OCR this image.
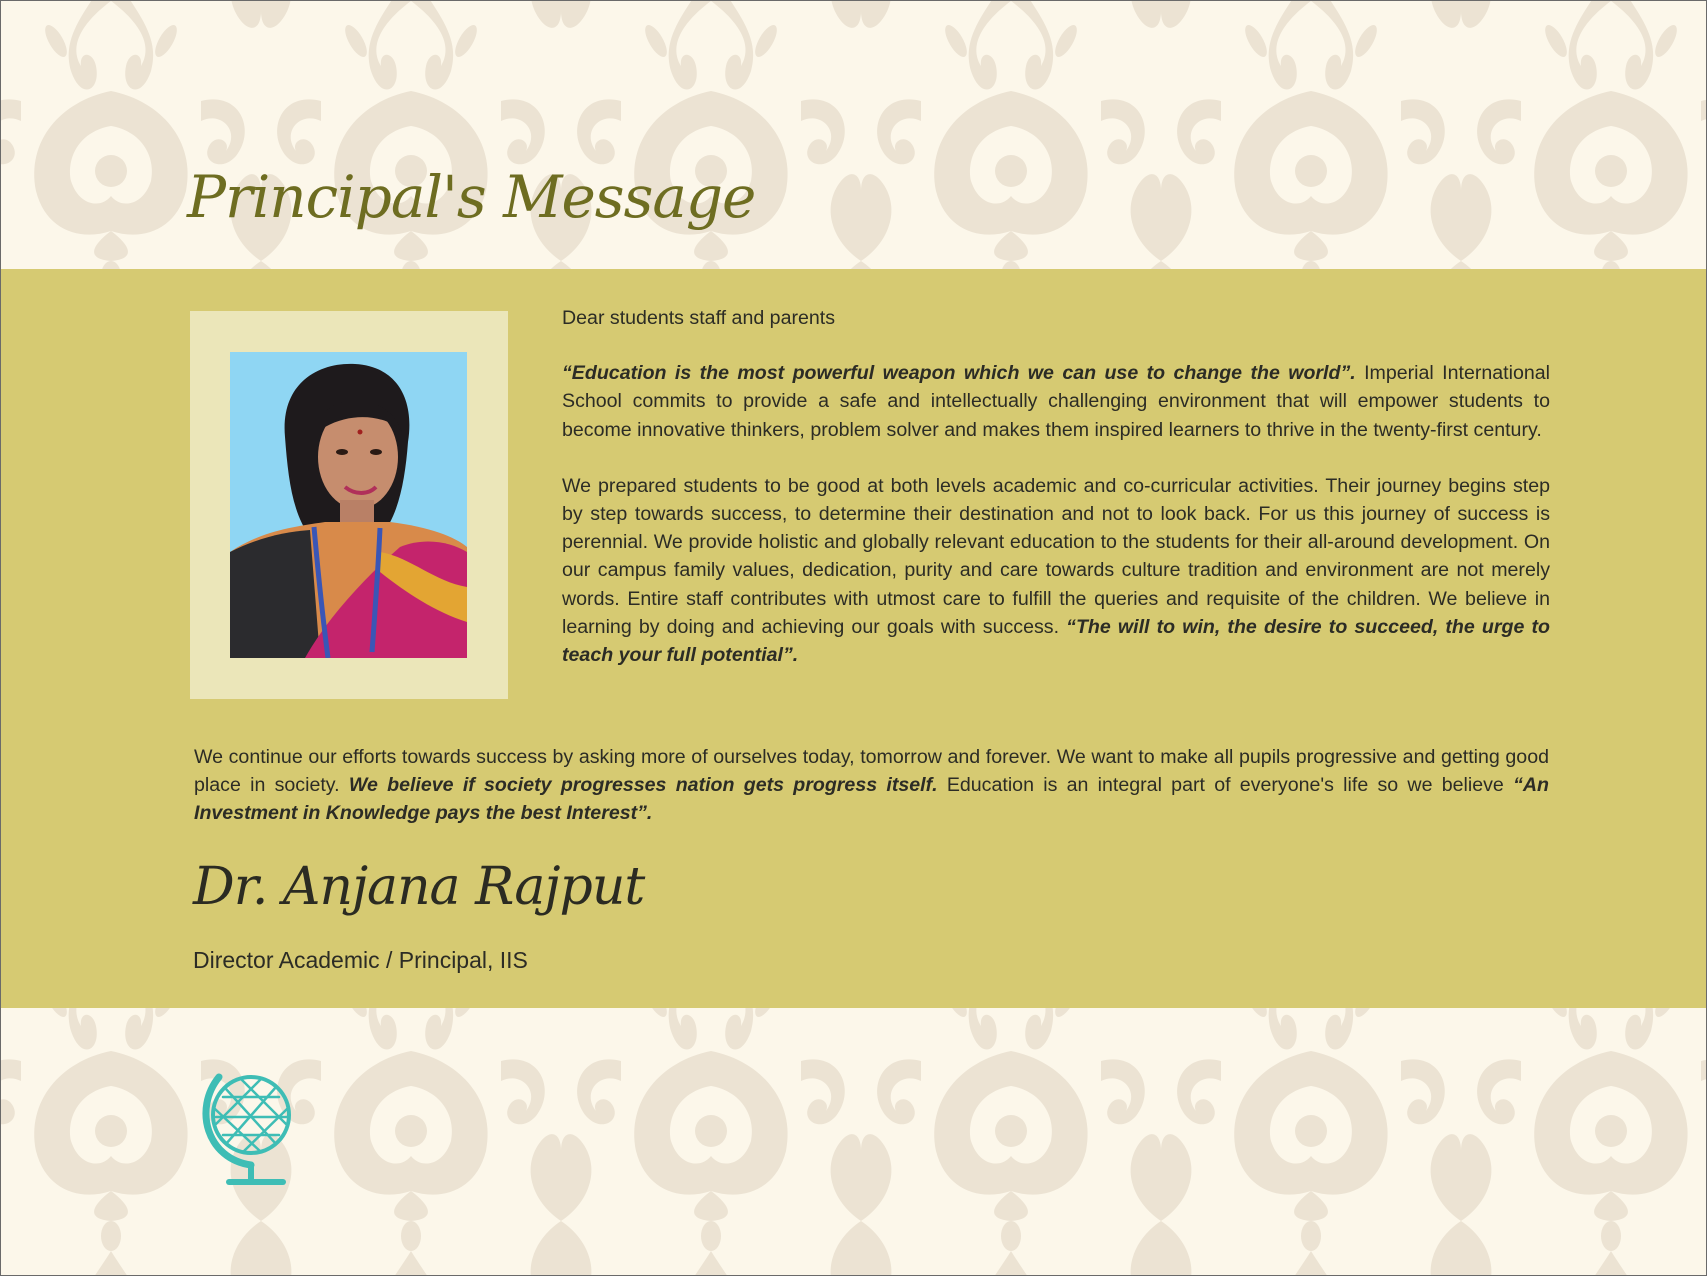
Principal's Message

Dear students staff and parents

“Education is the most powerful weapon which we can use to change the world”. Imperial International School commits to provide a safe and intellectually challenging environment that will empower students to become innovative thinkers, problem solver and makes them inspired learners to thrive in the twenty-first century.

We prepared students to be good at both levels academic and co-curricular activities. Their journey begins step by step towards success, to determine their destination and not to look back. For us this journey of success is perennial. We provide holistic and globally relevant education to the students for their all-around development. On our campus family values, dedication, purity and care towards culture tradition and environment are not merely words. Entire staff contributes with utmost care to fulfill the queries and requisite of the children. We believe in learning by doing and achieving our goals with success. “The will to win, the desire to succeed, the urge to teach your full potential”.

We continue our efforts towards success by asking more of ourselves today, tomorrow and forever. We want to make all pupils progressive and getting good place in society. We believe if society progresses nation gets progress itself. Education is an integral part of everyone's life so we believe “An Investment in Knowledge pays the best Interest”.

Dr. Anjana Rajput

Director Academic / Principal, IIS
